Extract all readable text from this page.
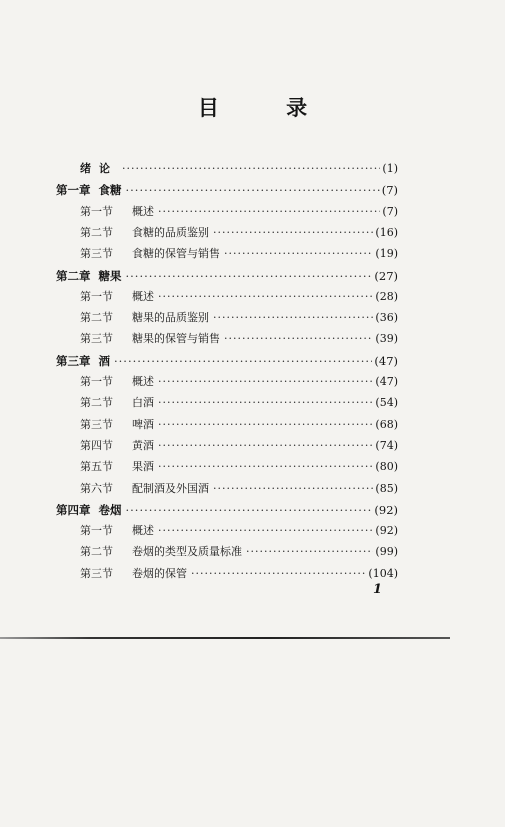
目 录
绪论 ·····	(1)
第一章 食糖 ·····	(7)
第一节	概述 ·····	(7)
第二节	食糖的品质鉴别 ·····	(16)
第三节	食糖的保管与销售 ·····	(19)
第二章 糖果 ·····	(27)
第一节	概述 ·····	(28)
第二节	糖果的品质鉴别 ·····	(36)
第三节	糖果的保管与销售 ·····	(39)
第三章 酒 ·····	(47)
第一节	概述 ·····	(47)
第二节	白酒 ·····	(54)
第三节	啤酒 ·····	(68)
第四节	黄酒 ·····	(74)
第五节	果酒 ·····	(80)
第六节	配制酒及外国酒 ·····	(85)
第四章 卷烟 ·····	(92)
第一节	概述 ·····	(92)
第二节	卷烟的类型及质量标准 ·····	(99)
第三节	卷烟的保管 ·····	(104)
1
